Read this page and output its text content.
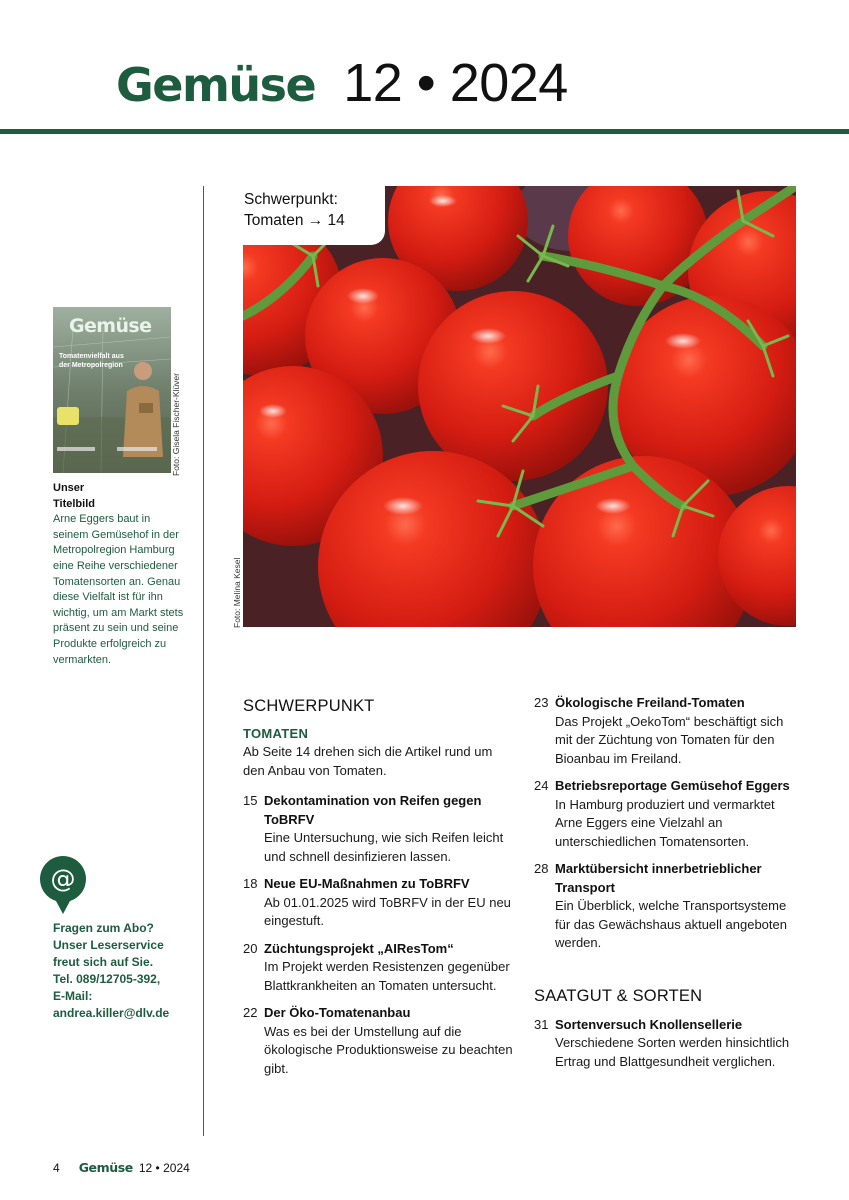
Gemüse 12 • 2024
Gemüse
Tomatenvielfalt aus der Metropolregion
Foto: Gisela Fischer-Klüver
Unser
Titelbild
Arne Eggers baut in seinem Gemüsehof in der Metropolregion Hamburg eine Reihe verschiedener Tomatensorten an. Genau diese Vielfalt ist für ihn wichtig, um am Markt stets präsent zu sein und seine Produkte erfolgreich zu vermarkten.
@
Fragen zum Abo?
Unser Leserservice
freut sich auf Sie.
Tel. 089/12705-392,
E-Mail:
andrea.killer@dlv.de
Schwerpunkt:
Tomaten → 14
Foto: Melina Kesel
SCHWERPUNKT
TOMATEN
Ab Seite 14 drehen sich die Artikel rund um den Anbau von Tomaten.
15 Dekontamination von Reifen gegen ToBRFV
Eine Untersuchung, wie sich Reifen leicht und schnell desinfizieren lassen.
18 Neue EU-Maßnahmen zu ToBRFV
Ab 01.01.2025 wird ToBRFV in der EU neu eingestuft.
20 Züchtungsprojekt „AIResTom“
Im Projekt werden Resistenzen gegenüber Blattkrankheiten an Tomaten untersucht.
22 Der Öko-Tomatenanbau
Was es bei der Umstellung auf die ökologische Produktionsweise zu beachten gibt.
23 Ökologische Freiland-Tomaten
Das Projekt „OekoTom“ beschäftigt sich mit der Züchtung von Tomaten für den Bioanbau im Freiland.
24 Betriebsreportage Gemüsehof Eggers
In Hamburg produziert und vermarktet Arne Eggers eine Vielzahl an unterschiedlichen Tomatensorten.
28 Marktübersicht innerbetrieblicher Transport
Ein Überblick, welche Transportsysteme für das Gewächshaus aktuell angeboten werden.
SAATGUT & SORTEN
31 Sortenversuch Knollensellerie
Verschiedene Sorten werden hinsichtlich Ertrag und Blattgesundheit verglichen.
4 Gemüse 12 • 2024
